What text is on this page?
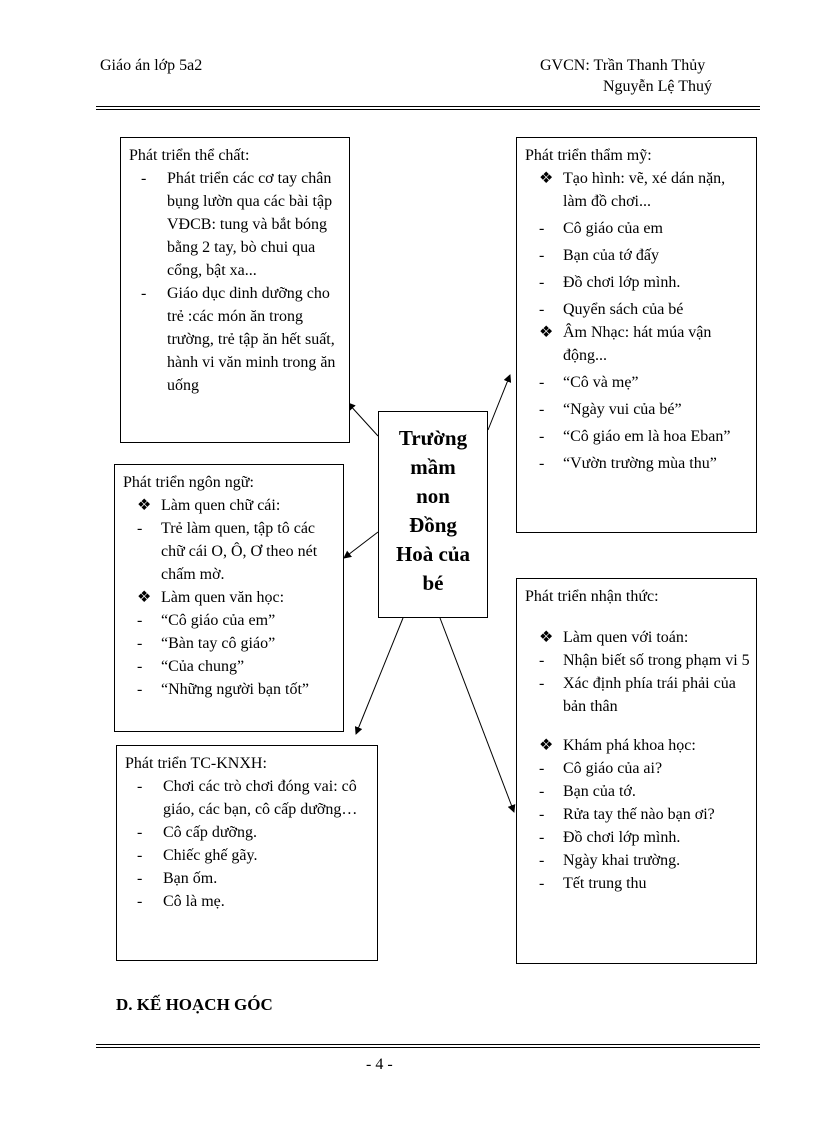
Giáo án lớp 5a2	GVCN: Trần Thanh Thủy
Nguyễn Lệ Thuý
Phát triển thể chất:
- Phát triển các cơ tay chân bụng lườn qua các bài tập VĐCB: tung và bắt bóng bằng 2 tay, bò chui qua cổng, bật xa...
- Giáo dục dinh dưỡng cho trẻ :các món ăn trong trường, trẻ tập ăn hết suất, hành vi văn minh trong ăn uống
Phát triển thẩm mỹ:
❖ Tạo hình: vẽ, xé dán nặn, làm đồ chơi...
- Cô giáo của em
- Bạn của tớ đấy
- Đồ chơi lớp mình.
- Quyển sách của bé
❖ Âm Nhạc: hát múa vận động...
- “Cô và mẹ”
- “Ngày vui của bé”
- “Cô giáo em là hoa Eban”
- “Vườn trường mùa thu”
Trường
mầm
non
Đồng
Hoà của
bé
Phát triển ngôn ngữ:
❖ Làm quen chữ cái:
- Trẻ làm quen, tập tô các chữ cái O, Ô, Ơ theo nét chấm mờ.
❖ Làm quen văn học:
- “Cô giáo của em”
- “Bàn tay cô giáo”
- “Của chung”
- “Những người bạn tốt”
Phát triển nhận thức:
❖ Làm quen với toán:
- Nhận biết số trong phạm vi 5
- Xác định phía trái phải của bản thân
❖ Khám phá khoa học:
- Cô giáo của ai?
- Bạn của tớ.
- Rửa tay thế nào bạn ơi?
- Đồ chơi lớp mình.
- Ngày khai trường.
- Tết trung thu
Phát triển TC-KNXH:
- Chơi các trò chơi đóng vai: cô giáo, các bạn, cô cấp dưỡng…
- Cô cấp dưỡng.
- Chiếc ghế gãy.
- Bạn ốm.
- Cô là mẹ.
D. KẾ HOẠCH GÓC
- 4 -
